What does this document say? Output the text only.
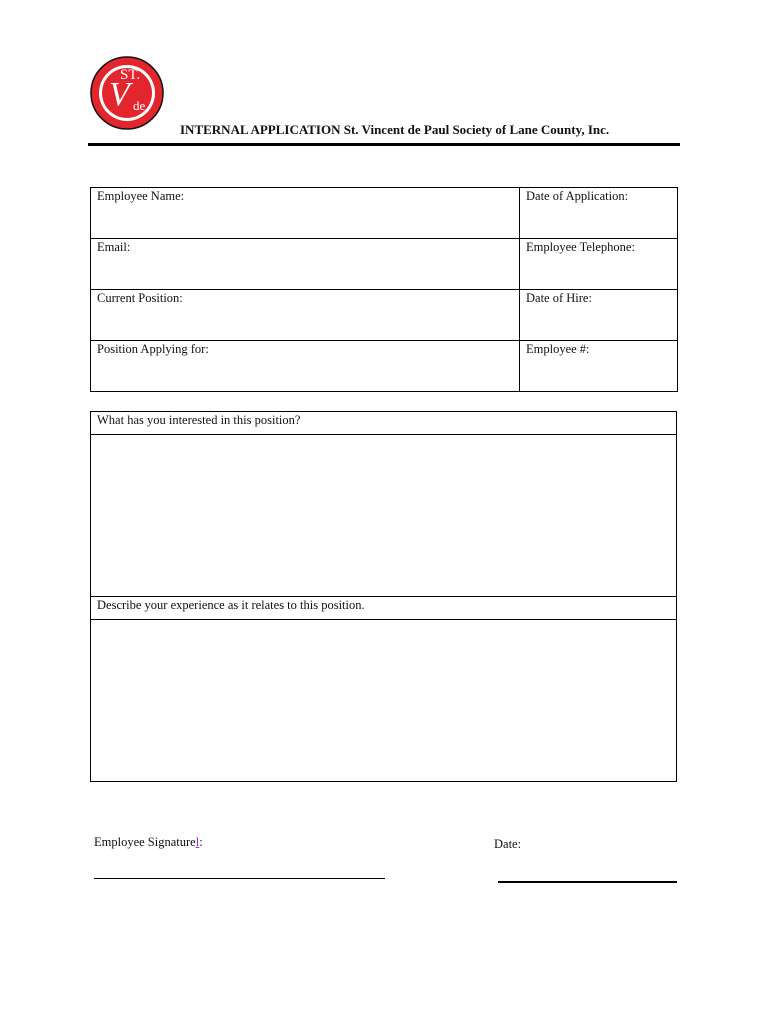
ST.
V de
INTERNAL APPLICATION St. Vincent de Paul Society of Lane County, Inc.
Employee Name:	Date of Application:

Email:	Employee Telephone:

Current Position:	Date of Hire:

Position Applying for:	Employee #:
What has you interested in this position?

Describe your experience as it relates to this position.

Employee Signaturel:	Date:
